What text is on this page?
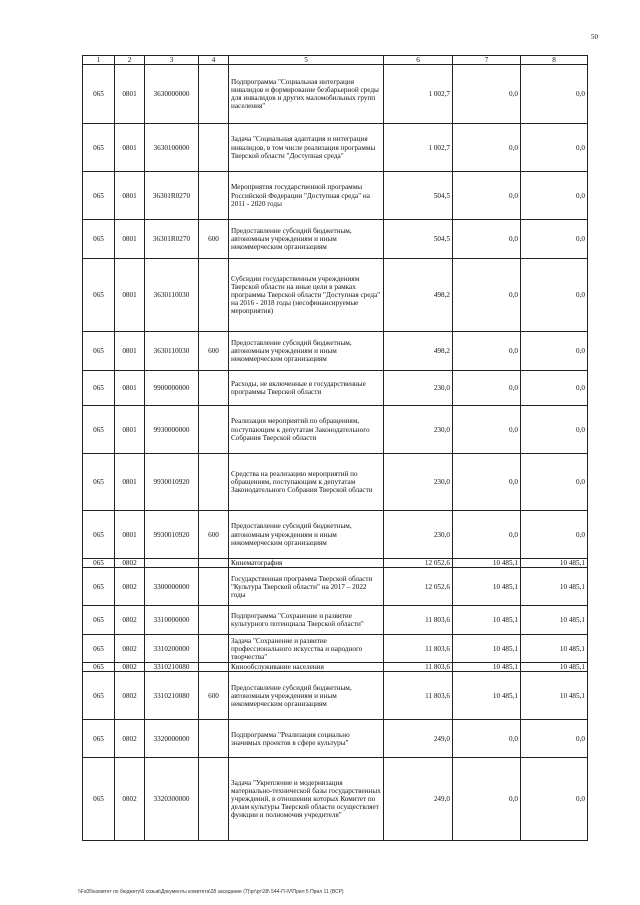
50
1	2	3	4	5	6	7	8
065	0801	3630000000		Подпрограмма "Социальная интеграция инвалидов и формирование безбарьерной среды для инвалидов и других маломобильных групп населения"	1 002,7	0,0	0,0
065	0801	3630100000		Задача "Социальная адаптация и интеграция инвалидов, в том числе реализация программы Тверской области "Доступная среда"	1 002,7	0,0	0,0
065	0801	36301R0270		Мероприятия государственной программы Российской Федерации "Доступная среда" на 2011 - 2020 годы	504,5	0,0	0,0
065	0801	36301R0270	600	Предоставление субсидий бюджетным, автономным учреждениям и иным некоммерческим организациям	504,5	0,0	0,0
065	0801	3630110030		Субсидии государственным учреждениям Тверской области на иные цели в рамках программы Тверской области "Доступная среда" на 2016 - 2018 годы (несофинансируемые мероприятия)	498,2	0,0	0,0
065	0801	3630110030	600	Предоставление субсидий бюджетным, автономным учреждениям и иным некоммерческим организациям	498,2	0,0	0,0
065	0801	9900000000		Расходы, не включенные в государственные программы Тверской области	230,0	0,0	0,0
065	0801	9930000000		Реализация мероприятий по обращениям, поступающим к депутатам Законодательного Собрания Тверской области	230,0	0,0	0,0
065	0801	9930010920		Средства на реализацию мероприятий по обращениям, поступающим к депутатам Законодательного Собрания Тверской области	230,0	0,0	0,0
065	0801	9930010920	600	Предоставление субсидий бюджетным, автономным учреждениям и иным некоммерческим организациям	230,0	0,0	0,0
065	0802			Кинематография	12 052,6	10 485,1	10 485,1
065	0802	3300000000		Государственная программа Тверской области "Культура Тверской области" на 2017 – 2022 годы	12 052,6	10 485,1	10 485,1
065	0802	3310000000		Подпрограмма "Сохранение и развитие культурного потенциала Тверской области"	11 803,6	10 485,1	10 485,1
065	0802	3310200000		Задача "Сохранение и развитие профессионального искусства и народного творчества"	11 803,6	10 485,1	10 485,1
065	0802	3310210080		Кинообслуживание населения	11 803,6	10 485,1	10 485,1
065	0802	3310210080	600	Предоставление субсидий бюджетным, автономным учреждениям и иным некоммерческим организациям	11 803,6	10 485,1	10 485,1
065	0802	3320000000		Подпрограмма "Реализация социально значимых проектов в сфере культуры"	249,0	0,0	0,0
065	0802	3320300000		Задача "Укрепление и модернизация материально-технической базы государственных учреждений, в отношении которых Комитет по делам культуры Тверской области осуществляет функции и полномочия учредителя"	249,0	0,0	0,0
\\Fs05\комитет по бюджету\6 созыв\Документы комитета\28 заседание (7)\рг\рг\28\ 544-П-IV\Прил 5 Прил 11 (ВСР)
